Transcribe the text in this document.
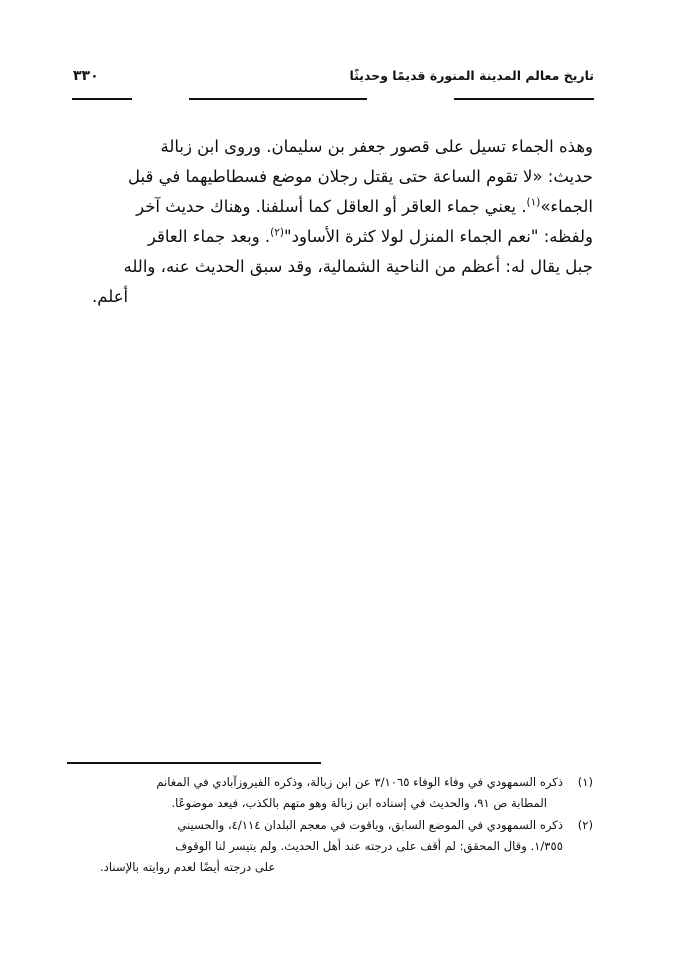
تاريخ معالم المدينة المنورة قديمًا وحديثًا
٣٣٠

وهذه الجماء تسيل على قصور جعفر بن سليمان. وروى ابن زبالة
حديث: «لا تقوم الساعة حتى يقتل رجلان موضع فسطاطيهما في قبل
الجماء»$^{(١)}$. يعني جماء العاقر أو العاقل كما أسلفنا. وهناك حديث آخر
ولفظه: "نعم الجماء المنزل لولا كثرة الأساود"$^{(٢)}$. وبعد جماء العاقر
جبل يقال له: أعظم من الناحية الشمالية، وقد سبق الحديث عنه، والله
أعلم.

(١)
ذكره السمهودي في وفاء الوفاء ٣/١٠٦٥ عن ابن زبالة، وذكره الفيروزآبادي في المغانم
المطابة ص ٩١، والحديث في إسناده ابن زبالة وهو متهم بالكذب، فيعد موضوعًا.
(٢)
ذكره السمهودي في الموضع السابق، وياقوت في معجم البلدان ٤/١١٤، والحسيني
١/٣٥٥. وقال المحقق: لم أقف على درجته عند أهل الحديث. ولم يتيسر لنا الوقوف
على درجته أيضًا لعدم روايته بالإسناد.
